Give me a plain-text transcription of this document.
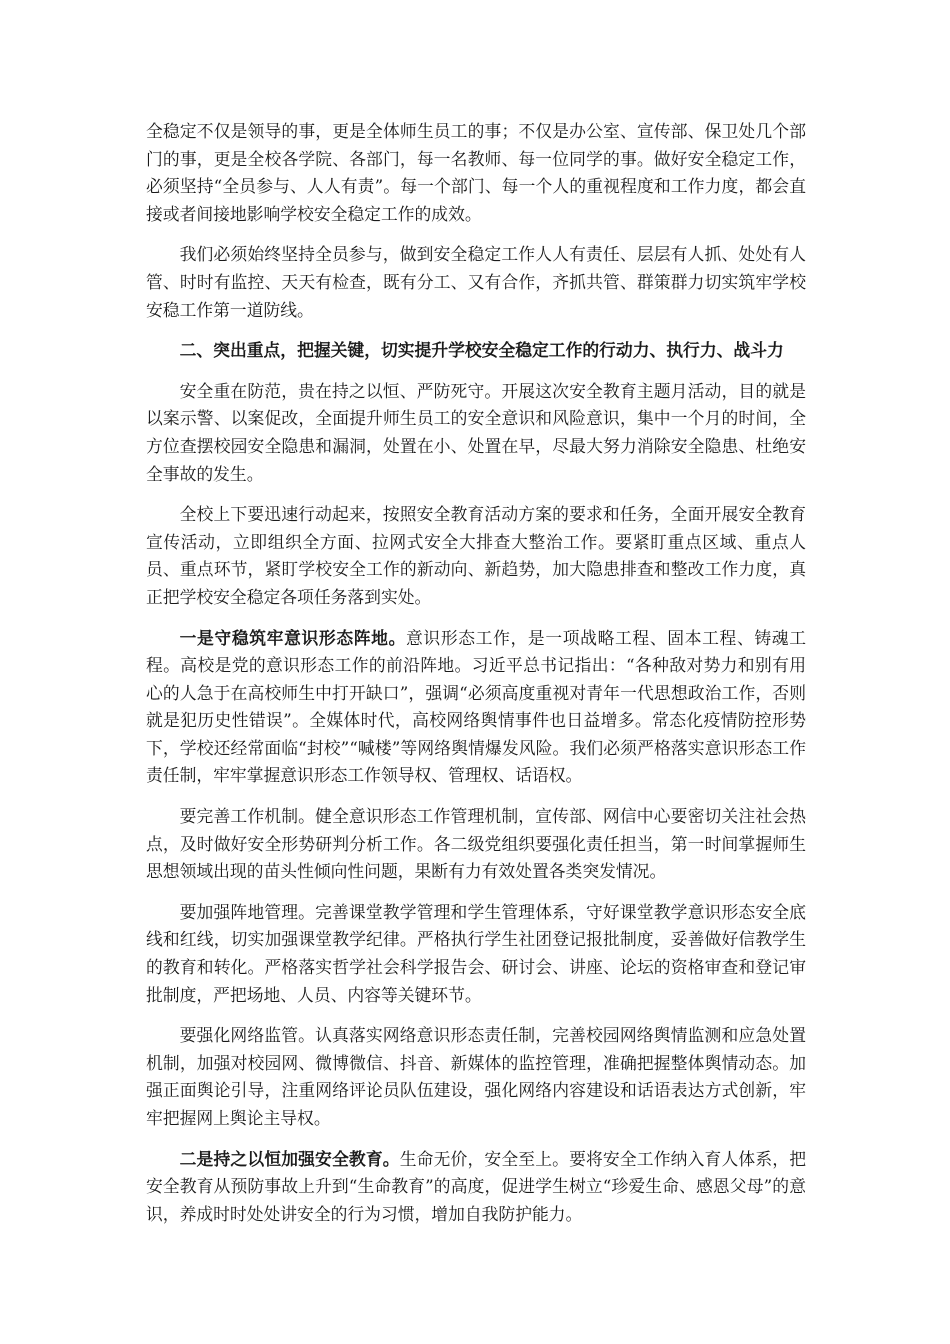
全稳定不仅是领导的事，更是全体师生员工的事；不仅是办公室、宣传部、保卫处几个部门的事，更是全校各学院、各部门，每一名教师、每一位同学的事。做好安全稳定工作，必须坚持“全员参与、人人有责”。每一个部门、每一个人的重视程度和工作力度，都会直接或者间接地影响学校安全稳定工作的成效。

我们必须始终坚持全员参与，做到安全稳定工作人人有责任、层层有人抓、处处有人管、时时有监控、天天有检查，既有分工、又有合作，齐抓共管、群策群力切实筑牢学校安稳工作第一道防线。

二、突出重点，把握关键，切实提升学校安全稳定工作的行动力、执行力、战斗力

安全重在防范，贵在持之以恒、严防死守。开展这次安全教育主题月活动，目的就是以案示警、以案促改，全面提升师生员工的安全意识和风险意识，集中一个月的时间，全方位查摆校园安全隐患和漏洞，处置在小、处置在早，尽最大努力消除安全隐患、杜绝安全事故的发生。

全校上下要迅速行动起来，按照安全教育活动方案的要求和任务，全面开展安全教育宣传活动，立即组织全方面、拉网式安全大排查大整治工作。要紧盯重点区域、重点人员、重点环节，紧盯学校安全工作的新动向、新趋势，加大隐患排查和整改工作力度，真正把学校安全稳定各项任务落到实处。

一是守稳筑牢意识形态阵地。意识形态工作，是一项战略工程、固本工程、铸魂工程。高校是党的意识形态工作的前沿阵地。习近平总书记指出：“各种敌对势力和别有用心的人急于在高校师生中打开缺口”，强调“必须高度重视对青年一代思想政治工作，否则就是犯历史性错误”。全媒体时代，高校网络舆情事件也日益增多。常态化疫情防控形势下，学校还经常面临“封校”“喊楼”等网络舆情爆发风险。我们必须严格落实意识形态工作责任制，牢牢掌握意识形态工作领导权、管理权、话语权。

要完善工作机制。健全意识形态工作管理机制，宣传部、网信中心要密切关注社会热点，及时做好安全形势研判分析工作。各二级党组织要强化责任担当，第一时间掌握师生思想领域出现的苗头性倾向性问题，果断有力有效处置各类突发情况。

要加强阵地管理。完善课堂教学管理和学生管理体系，守好课堂教学意识形态安全底线和红线，切实加强课堂教学纪律。严格执行学生社团登记报批制度，妥善做好信教学生的教育和转化。严格落实哲学社会科学报告会、研讨会、讲座、论坛的资格审查和登记审批制度，严把场地、人员、内容等关键环节。

要强化网络监管。认真落实网络意识形态责任制，完善校园网络舆情监测和应急处置机制，加强对校园网、微博微信、抖音、新媒体的监控管理，准确把握整体舆情动态。加强正面舆论引导，注重网络评论员队伍建设，强化网络内容建设和话语表达方式创新，牢牢把握网上舆论主导权。

二是持之以恒加强安全教育。生命无价，安全至上。要将安全工作纳入育人体系，把安全教育从预防事故上升到“生命教育”的高度，促进学生树立“珍爱生命、感恩父母”的意识，养成时时处处讲安全的行为习惯，增加自我防护能力。
